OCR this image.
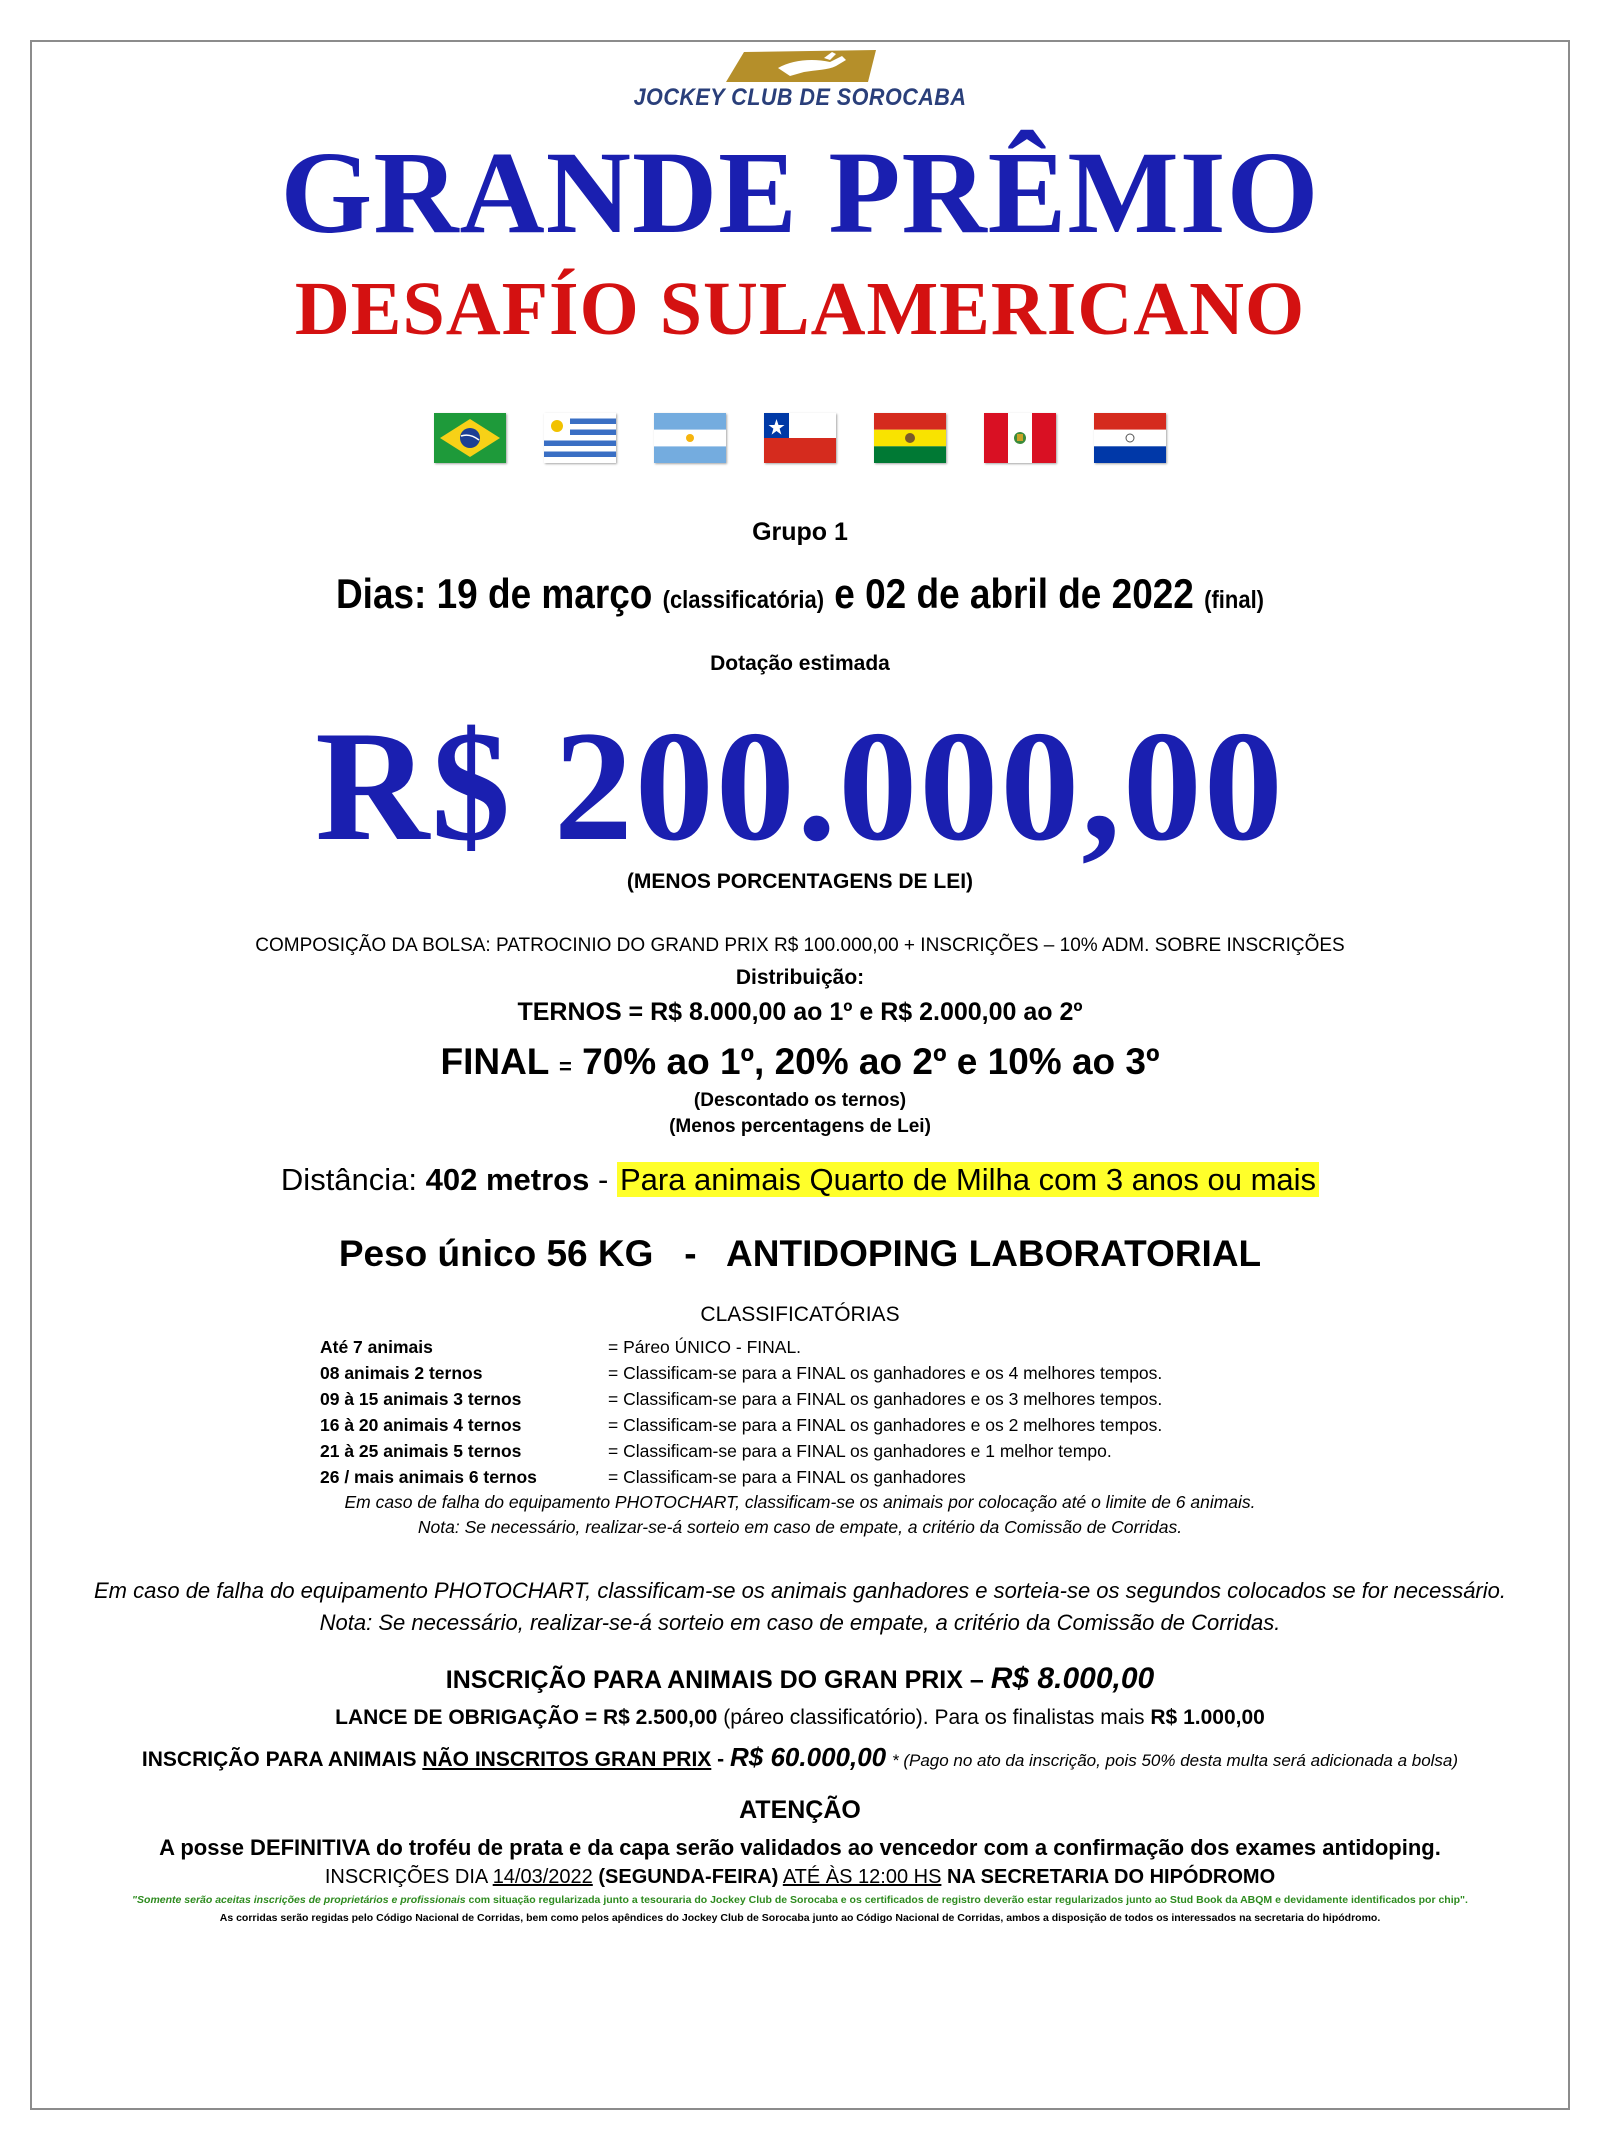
JOCKEY CLUB DE SOROCABA
GRANDE PRÊMIO
DESAFÍO SULAMERICANO
Grupo 1
Dias: 19 de março (classificatória) e 02 de abril de 2022 (final)
Dotação estimada
R$ 200.000,00
(MENOS PORCENTAGENS DE LEI)
COMPOSIÇÃO DA BOLSA: PATROCINIO DO GRAND PRIX R$ 100.000,00 + INSCRIÇÕES – 10% ADM. SOBRE INSCRIÇÕES
Distribuição:
TERNOS = R$ 8.000,00 ao 1º e R$ 2.000,00 ao 2º
FINAL = 70% ao 1º, 20% ao 2º e 10% ao 3º
(Descontado os ternos)
(Menos percentagens de Lei)
Distância: 402 metros - Para animais Quarto de Milha com 3 anos ou mais
Peso único 56 KG   -   ANTIDOPING LABORATORIAL
CLASSIFICATÓRIAS
Até 7 animais	= Páreo ÚNICO - FINAL.
08 animais 2 ternos	= Classificam-se para a FINAL os ganhadores e os 4 melhores tempos.
09 à 15 animais 3 ternos	= Classificam-se para a FINAL os ganhadores e os 3 melhores tempos.
16 à 20 animais 4 ternos	= Classificam-se para a FINAL os ganhadores e os 2 melhores tempos.
21 à 25 animais 5 ternos	= Classificam-se para a FINAL os ganhadores e 1 melhor tempo.
26 / mais animais 6 ternos	= Classificam-se para a FINAL os ganhadores
Em caso de falha do equipamento PHOTOCHART, classificam-se os animais por colocação até o limite de 6 animais.
Nota: Se necessário, realizar-se-á sorteio em caso de empate, a critério da Comissão de Corridas.
Em caso de falha do equipamento PHOTOCHART, classificam-se os animais ganhadores e sorteia-se os segundos colocados se for necessário.
Nota: Se necessário, realizar-se-á sorteio em caso de empate, a critério da Comissão de Corridas.
INSCRIÇÃO PARA ANIMAIS DO GRAN PRIX – R$ 8.000,00
LANCE DE OBRIGAÇÃO = R$ 2.500,00 (páreo classificatório). Para os finalistas mais R$ 1.000,00
INSCRIÇÃO PARA ANIMAIS NÃO INSCRITOS GRAN PRIX - R$ 60.000,00 * (Pago no ato da inscrição, pois 50% desta multa será adicionada a bolsa)
ATENÇÃO
A posse DEFINITIVA do troféu de prata e da capa serão validados ao vencedor com a confirmação dos exames antidoping.
INSCRIÇÕES DIA 14/03/2022 (SEGUNDA-FEIRA) ATÉ ÀS 12:00 HS NA SECRETARIA DO HIPÓDROMO
"Somente serão aceitas inscrições de proprietários e profissionais com situação regularizada junto a tesouraria do Jockey Club de Sorocaba e os certificados de registro deverão estar regularizados junto ao Stud Book da ABQM e devidamente identificados por chip".
As corridas serão regidas pelo Código Nacional de Corridas, bem como pelos apêndices do Jockey Club de Sorocaba junto ao Código Nacional de Corridas, ambos a disposição de todos os interessados na secretaria do hipódromo.
